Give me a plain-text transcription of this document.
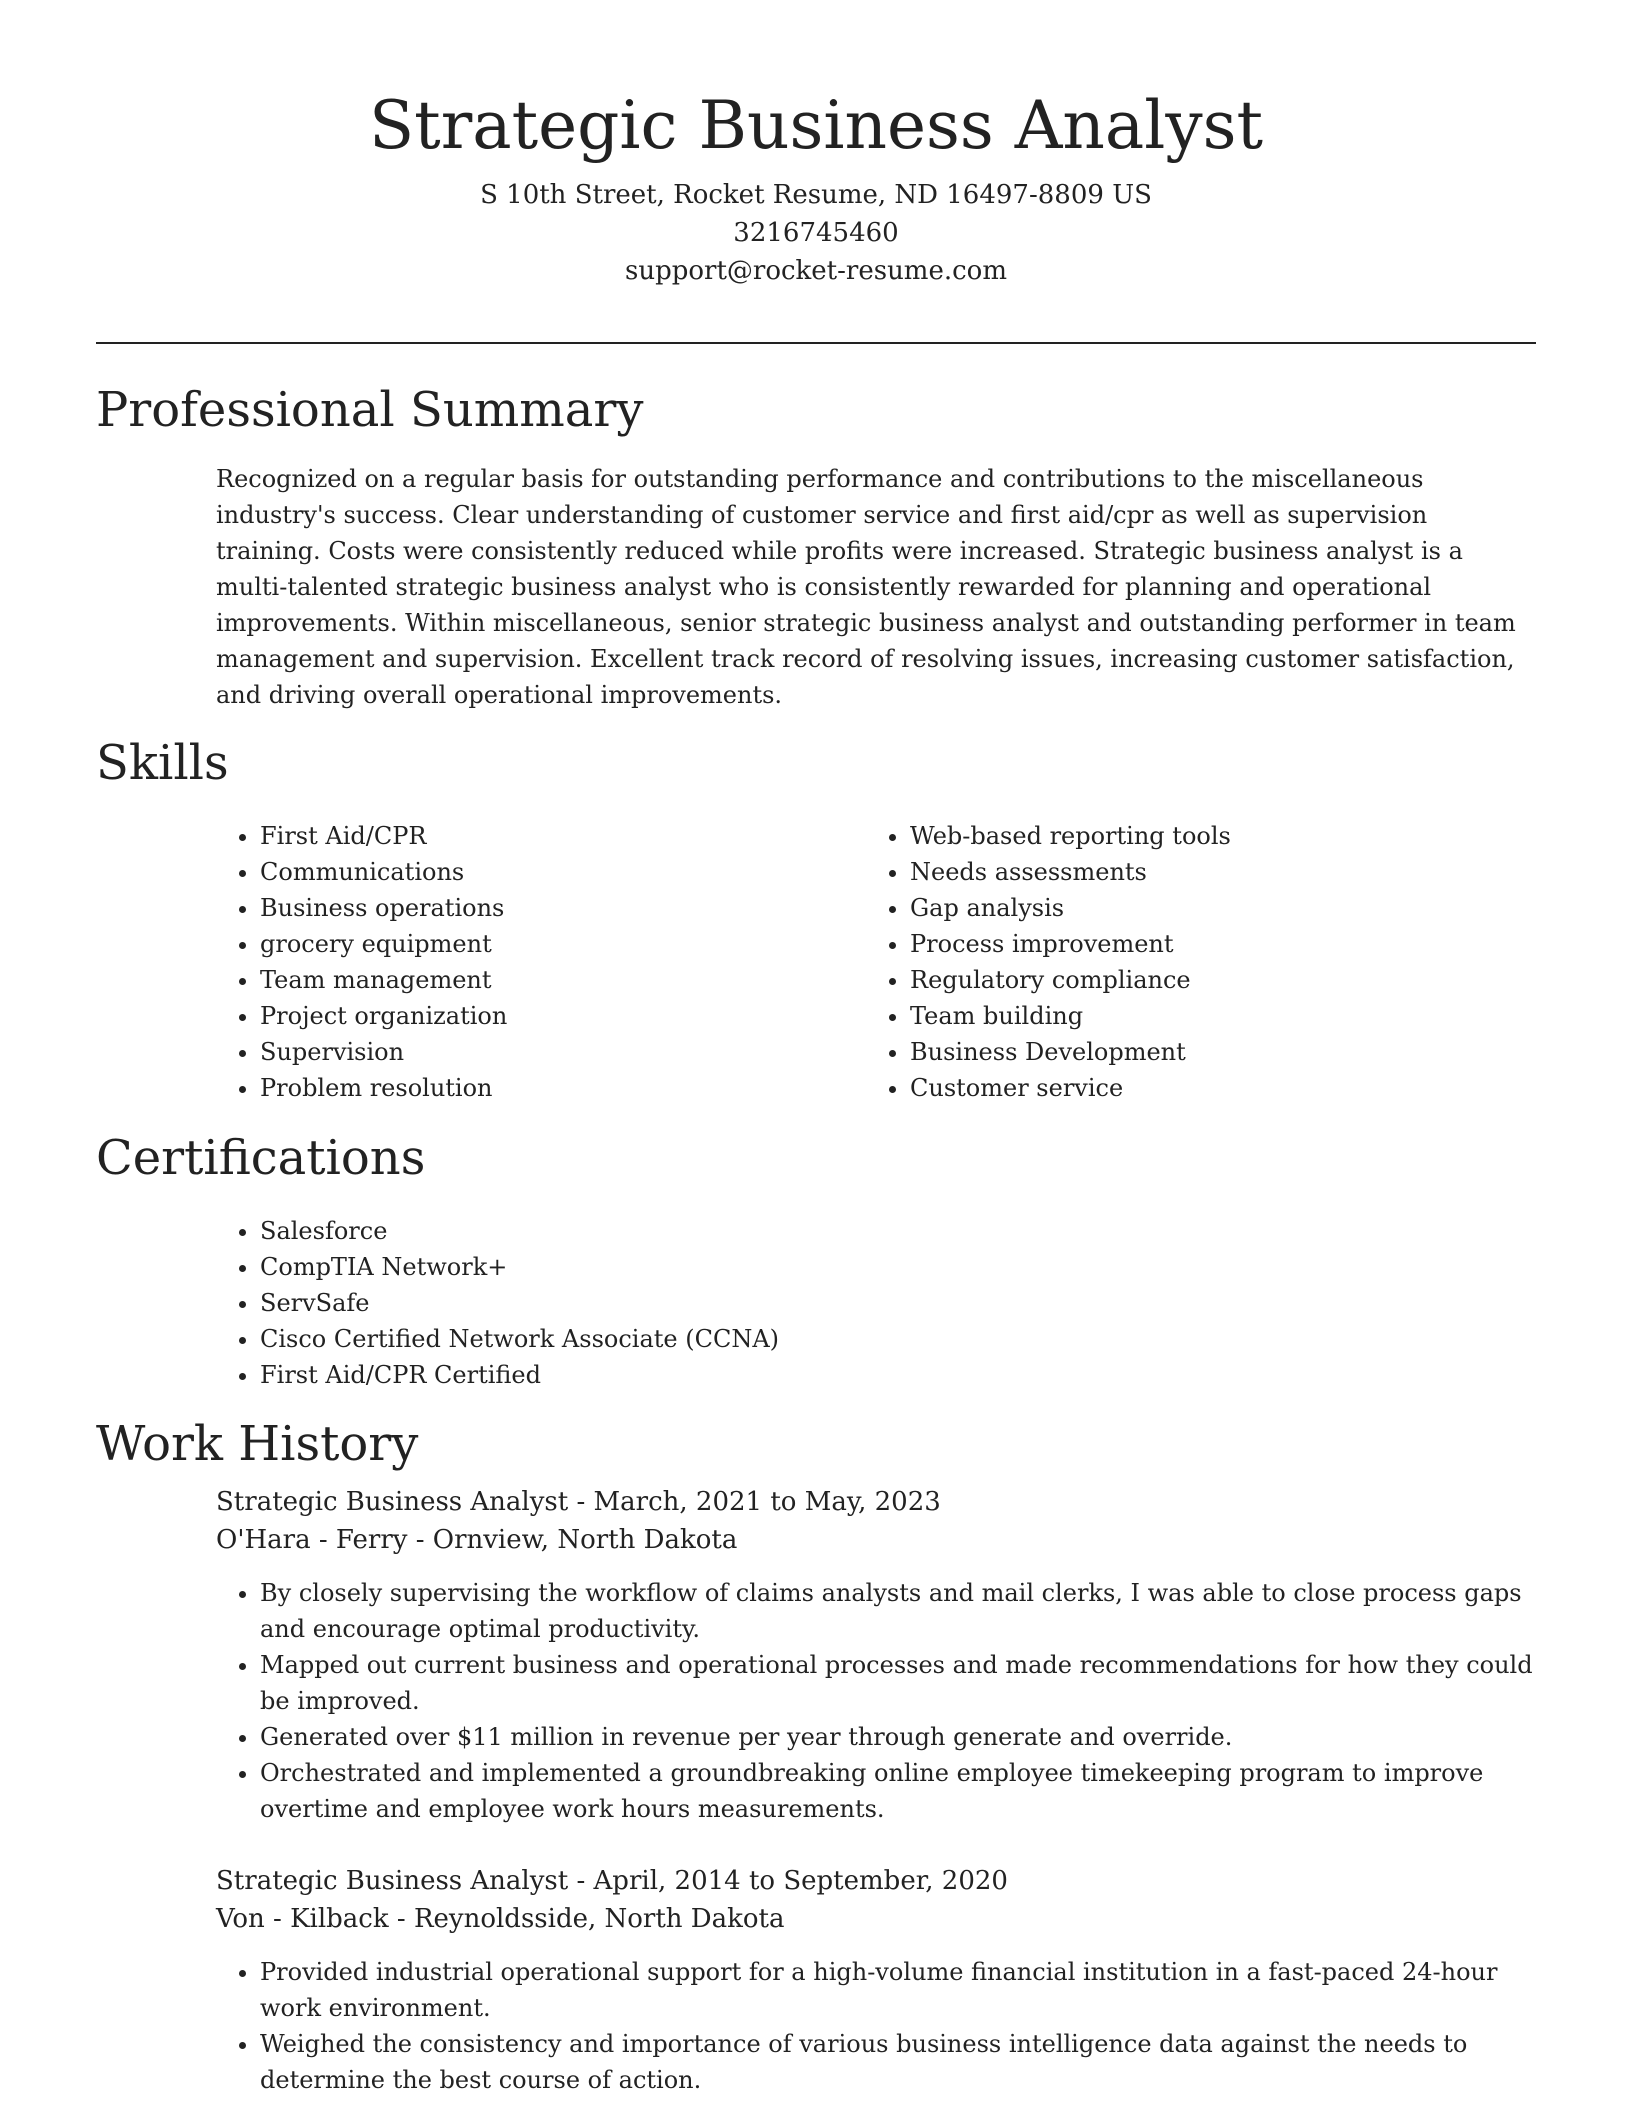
Strategic Business Analyst

S 10th Street, Rocket Resume, ND 16497-8809 US

3216745460

support@rocket-resume.com

Professional Summary

Recognized on a regular basis for outstanding performance and contributions to the miscellaneous industry's success. Clear understanding of customer service and first aid/cpr as well as supervision training. Costs were consistently reduced while profits were increased. Strategic business analyst is a multi-talented strategic business analyst who is consistently rewarded for planning and operational improvements. Within miscellaneous, senior strategic business analyst and outstanding performer in team management and supervision. Excellent track record of resolving issues, increasing customer satisfaction, and driving overall operational improvements.

Skills
• First Aid/CPR
• Communications
• Business operations
• grocery equipment
• Team management
• Project organization
• Supervision
• Problem resolution
• Web-based reporting tools
• Needs assessments
• Gap analysis
• Process improvement
• Regulatory compliance
• Team building
• Business Development
• Customer service
Certifications
• Salesforce
• CompTIA Network+
• ServSafe
• Cisco Certified Network Associate (CCNA)
• First Aid/CPR Certified
Work History

Strategic Business Analyst - March, 2021 to May, 2023

O'Hara - Ferry - Ornview, North Dakota

• By closely supervising the workflow of claims analysts and mail clerks, I was able to close process gaps and encourage optimal productivity.
• Mapped out current business and operational processes and made recommendations for how they could be improved.
• Generated over $11 million in revenue per year through generate and override.
• Orchestrated and implemented a groundbreaking online employee timekeeping program to improve overtime and employee work hours measurements.

Strategic Business Analyst - April, 2014 to September, 2020

Von - Kilback - Reynoldsside, North Dakota

• Provided industrial operational support for a high-volume financial institution in a fast-paced 24-hour work environment.
• Weighed the consistency and importance of various business intelligence data against the needs to determine the best course of action.
